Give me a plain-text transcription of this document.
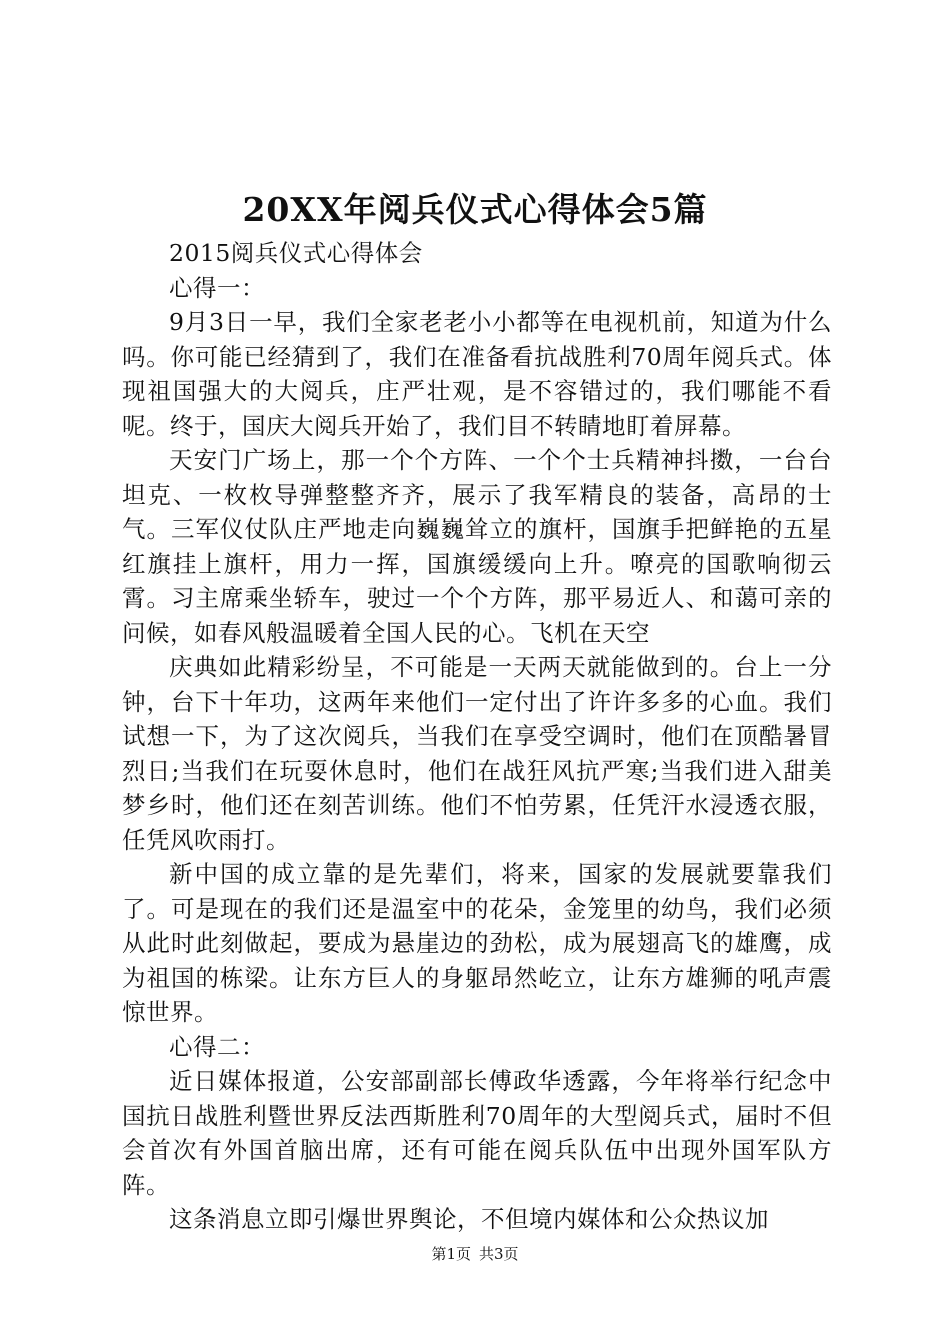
20XX年阅兵仪式心得体会5篇

2015阅兵仪式心得体会

心得一：

9月3日一早，我们全家老老小小都等在电视机前，知道为什么吗。你可能已经猜到了，我们在准备看抗战胜利70周年阅兵式。体现祖国强大的大阅兵，庄严壮观，是不容错过的，我们哪能不看呢。终于，国庆大阅兵开始了，我们目不转睛地盯着屏幕。

天安门广场上，那一个个方阵、一个个士兵精神抖擞，一台台坦克、一枚枚导弹整整齐齐，展示了我军精良的装备，高昂的士气。三军仪仗队庄严地走向巍巍耸立的旗杆，国旗手把鲜艳的五星红旗挂上旗杆，用力一挥，国旗缓缓向上升。嘹亮的国歌响彻云霄。习主席乘坐轿车，驶过一个个方阵，那平易近人、和蔼可亲的问候，如春风般温暖着全国人民的心。飞机在天空

庆典如此精彩纷呈，不可能是一天两天就能做到的。台上一分钟，台下十年功，这两年来他们一定付出了许许多多的心血。我们试想一下，为了这次阅兵，当我们在享受空调时，他们在顶酷暑冒烈日;当我们在玩耍休息时，他们在战狂风抗严寒;当我们进入甜美梦乡时，他们还在刻苦训练。他们不怕劳累，任凭汗水浸透衣服，任凭风吹雨打。

新中国的成立靠的是先辈们，将来，国家的发展就要靠我们了。可是现在的我们还是温室中的花朵，金笼里的幼鸟，我们必须从此时此刻做起，要成为悬崖边的劲松，成为展翅高飞的雄鹰，成为祖国的栋梁。让东方巨人的身躯昂然屹立，让东方雄狮的吼声震惊世界。

心得二：

近日媒体报道，公安部副部长傅政华透露，今年将举行纪念中国抗日战胜利暨世界反法西斯胜利70周年的大型阅兵式，届时不但会首次有外国首脑出席，还有可能在阅兵队伍中出现外国军队方阵。

这条消息立即引爆世界舆论，不但境内媒体和公众热议加

第1页 共3页
